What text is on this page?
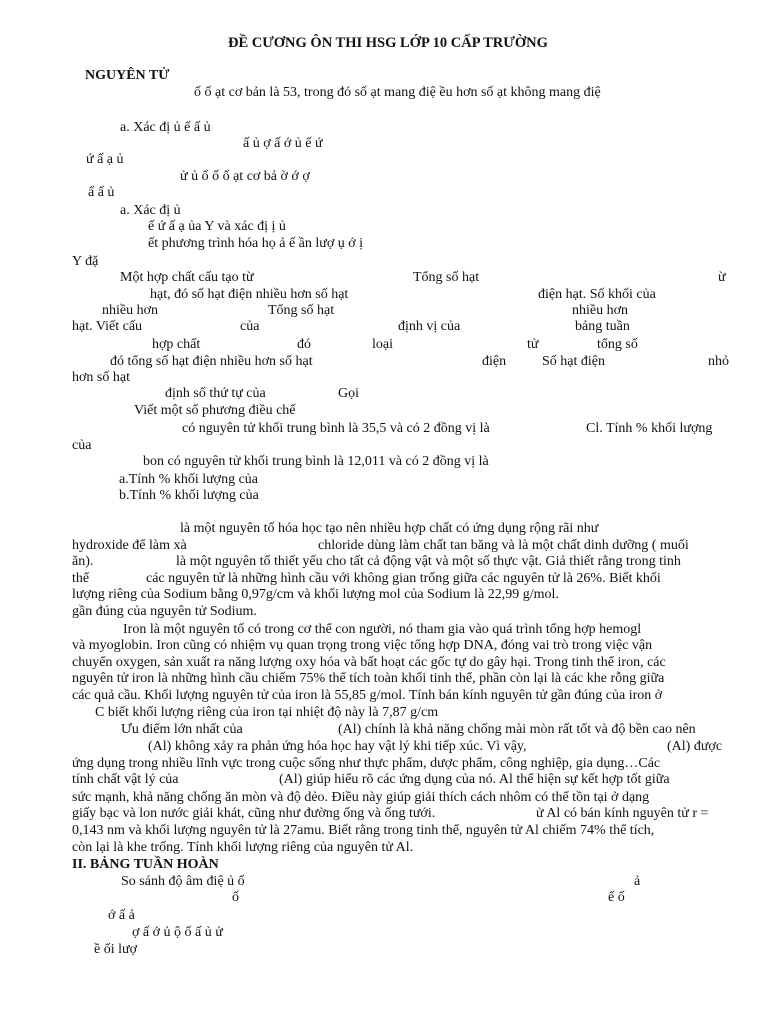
ĐỀ CƯƠNG ÔN THI HSG LỚP 10 CẤP TRƯỜNG
NGUYÊN TỬ
ố ố ạt cơ bản là 53, trong đó số ạt mang điệ ều hơn số ạt không mang điệ
a. Xác đị ủ ế ấ ủ
ấ ủ ợ ấ ớ ủ ế ứ
ứ ấ ạ ủ
ử ủ ố ố ố ạt cơ bả ờ ớ ợ
ấ ấ ủ
a. Xác đị ủ
ế ứ ấ ạ ủa Y và xác đị ị ủ
ết phương trình hóa họ ả ế ần lượ ụ ớ ị
Y đặ
Một hợp chất cấu tạo từ	Tổng số hạt	ừ
hạt, đó số hạt điện nhiều hơn số hạt	điện hạt. Số khối của
nhiều hơn	Tổng số hạt	nhiều hơn
hạt. Viết cấu	của	định vị của	bảng tuần
hợp chất	đó	loại	tử	tổng số
đó tổng số hạt điện nhiều hơn số hạt	điện	Số hạt điện	nhỏ
hơn số hạt
định số thứ tự của	Gọi
Viết một số phương điều chế
có nguyên tử khối trung bình là 35,5 và có 2 đồng vị là	Cl. Tính % khối lượng
của
bon có nguyên tử khối trung bình là 12,011 và có 2 đồng vị là
a.Tính % khối lượng của
b.Tính % khối lượng của
là một nguyên tố hóa học tạo nên nhiều hợp chất có ứng dụng rộng rãi như
hydroxide để làm xà	chloride dùng làm chất tan băng và là một chất dinh dưỡng ( muối
ăn).	là một nguyên tố thiết yếu cho tất cả động vật và một số thực vật. Giả thiết rằng trong tinh
thể	các nguyên tử là những hình cầu với không gian trống giữa các nguyên tử là 26%. Biết khối
lượng riêng của Sodium bằng 0,97g/cm và khối lượng mol của Sodium là 22,99 g/mol.
gần đúng của nguyên tử Sodium.
Iron là một nguyên tố có trong cơ thể con người, nó tham gia vào quá trình tổng hợp hemogl
và myoglobin. Iron cũng có nhiệm vụ quan trọng trong việc tổng hợp DNA, đóng vai trò trong việc vận
chuyển oxygen, sản xuất ra năng lượng oxy hóa và bất hoạt các gốc tự do gây hại. Trong tinh thể iron, các
nguyên tử iron là những hình cầu chiếm 75% thể tích toàn khối tinh thể, phần còn lại là các khe rỗng giữa
các quả cầu. Khối lượng nguyên tử của iron là 55,85 g/mol. Tính bán kính nguyên tử gần đúng của iron ở
C biết khối lượng riêng của iron tại nhiệt độ này là 7,87 g/cm
Ưu điểm lớn nhất của	(Al) chính là khả năng chống mài mòn rất tốt và độ bền cao nên
(Al) không xảy ra phản ứng hóa học hay vật lý khi tiếp xúc. Vì vậy,	(Al) được
ứng dụng trong nhiều lĩnh vực trong cuộc sống như thực phẩm, dược phẩm, công nghiệp, gia dụng…Các
tính chất vật lý của	(Al) giúp hiểu rõ các ứng dụng của nó. Al thể hiện sự kết hợp tốt giữa
sức mạnh, khả năng chống ăn mòn và độ dẻo. Điều này giúp giải thích cách nhôm có thể tồn tại ở dạng
giấy bạc và lon nước giải khát, cũng như đường ống và ống tưới.	ử Al có bán kính nguyên tử r =
0,143 nm và khối lượng nguyên tử là 27amu. Biết rằng trong tinh thể, nguyên tử Al chiếm 74% thể tích,
còn lại là khe trống. Tính khối lượng riêng của nguyên tử Al.
II. BẢNG TUẦN HOÀN
So sánh độ âm điệ ủ ố	ả
ố	ế ố
ớ ấ ả
ợ ấ ớ ủ ộ ố ấ ủ ử
ề ối lượ
